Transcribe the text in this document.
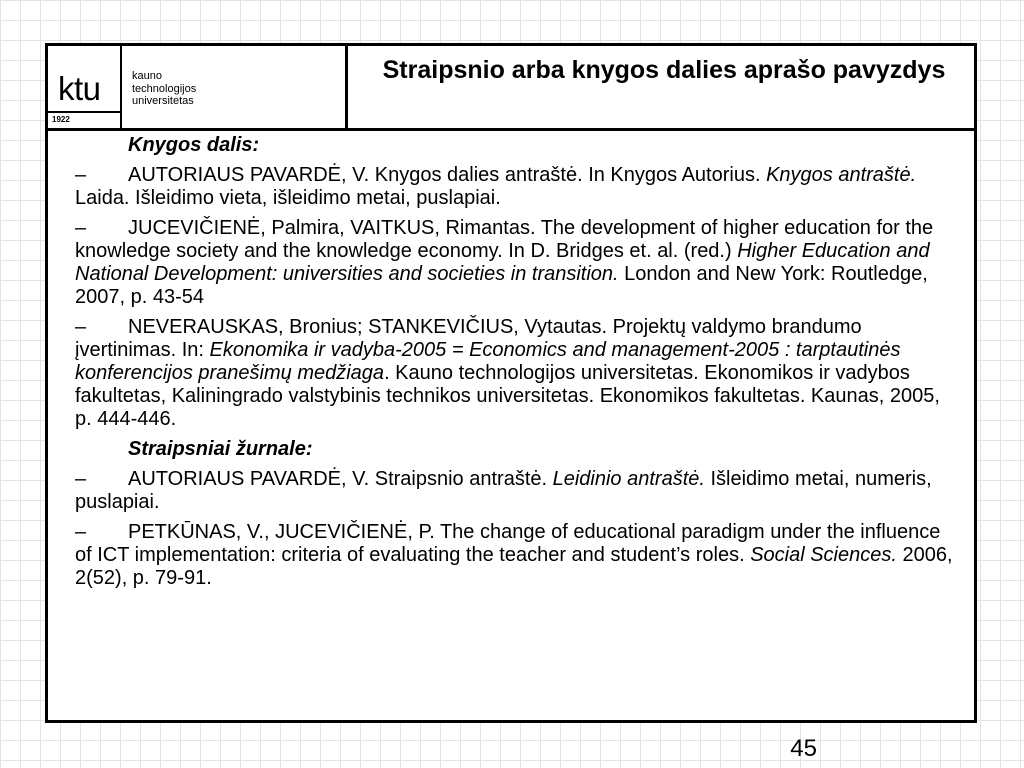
ktu
1922
kauno
technologijos
universitetas
Straipsnio arba knygos dalies aprašo pavyzdys
Knygos dalis:
– AUTORIAUS PAVARDĖ, V. Knygos dalies antraštė. In Knygos Autorius. Knygos antraštė. Laida. Išleidimo vieta, išleidimo metai, puslapiai.
– JUCEVIČIENĖ, Palmira, VAITKUS, Rimantas. The development of higher education for the knowledge society and the knowledge economy. In D. Bridges et. al. (red.) Higher Education and National Development: universities and societies in transition. London and New York: Routledge, 2007, p. 43-54
– NEVERAUSKAS, Bronius; STANKEVIČIUS, Vytautas. Projektų valdymo brandumo įvertinimas. In: Ekonomika ir vadyba-2005 = Economics and management-2005 : tarptautinės konferencijos pranešimų medžiaga. Kauno technologijos universitetas. Ekonomikos ir vadybos fakultetas, Kaliningrado valstybinis technikos universitetas. Ekonomikos fakultetas. Kaunas, 2005, p. 444-446.
Straipsniai žurnale:
– AUTORIAUS PAVARDĖ, V. Straipsnio antraštė. Leidinio antraštė. Išleidimo metai, numeris, puslapiai.
– PETKŪNAS, V., JUCEVIČIENĖ, P. The change of educational paradigm under the influence of ICT implementation: criteria of evaluating the teacher and student’s roles. Social Sciences. 2006, 2(52), p. 79-91.
45
